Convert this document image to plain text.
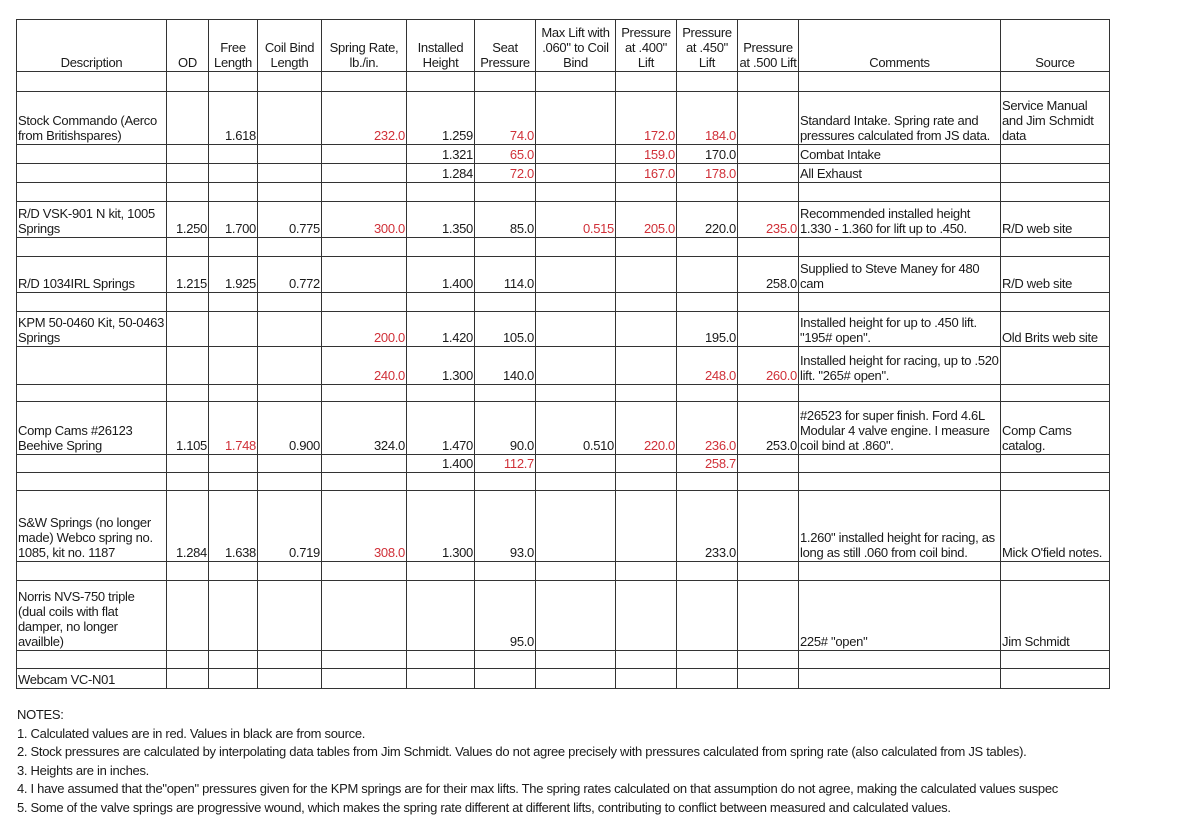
Description	OD	Free Length	Coil Bind Length	Spring Rate, lb./in.	Installed Height	Seat Pressure	Max Lift with .060" to Coil Bind	Pressure at .400" Lift	Pressure at .450" Lift	Pressure at .500 Lift	Comments	Source

Stock Commando (Aerco from Britishspares)		1.618		232.0	1.259	74.0		172.0	184.0		Standard Intake. Spring rate and pressures calculated from JS data.	Service Manual and Jim Schmidt data
					1.321	65.0		159.0	170.0		Combat Intake	
					1.284	72.0		167.0	178.0		All Exhaust	

R/D VSK-901 N kit, 1005 Springs	1.250	1.700	0.775	300.0	1.350	85.0	0.515	205.0	220.0	235.0	Recommended installed height 1.330 - 1.360 for lift up to .450.	R/D web site

R/D 1034IRL Springs	1.215	1.925	0.772		1.400	114.0				258.0	Supplied to Steve Maney for 480 cam	R/D web site

KPM 50-0460 Kit, 50-0463 Springs				200.0	1.420	105.0			195.0		Installed height for up to .450 lift. "195# open".	Old Brits web site
				240.0	1.300	140.0			248.0	260.0	Installed height for racing, up to .520 lift. "265# open".	

Comp Cams #26123 Beehive Spring	1.105	1.748	0.900	324.0	1.470	90.0	0.510	220.0	236.0	253.0	#26523 for super finish. Ford 4.6L Modular 4 valve engine. I measure coil bind at .860".	Comp Cams catalog.
					1.400	112.7			258.7			

S&W Springs (no longer made) Webco spring no. 1085, kit no. 1187	1.284	1.638	0.719	308.0	1.300	93.0			233.0		1.260" installed height for racing, as long as still .060 from coil bind.	Mick O'field notes.

Norris NVS-750 triple (dual coils with flat damper, no longer availble)						95.0					225# "open"	Jim Schmidt

Webcam VC-N01												
NOTES:
1. Calculated values are in red. Values in black are from source.
2. Stock pressures are calculated by interpolating data tables from Jim Schmidt. Values do not agree precisely with pressures calculated from spring rate (also calculated from JS tables).
3. Heights are in inches.
4. I have assumed that the"open" pressures given for the KPM springs are for their max lifts. The spring rates calculated on that assumption do not agree, making the calculated values suspec
5. Some of the valve springs are progressive wound, which makes the spring rate different at different lifts, contributing to conflict between measured and calculated values.
